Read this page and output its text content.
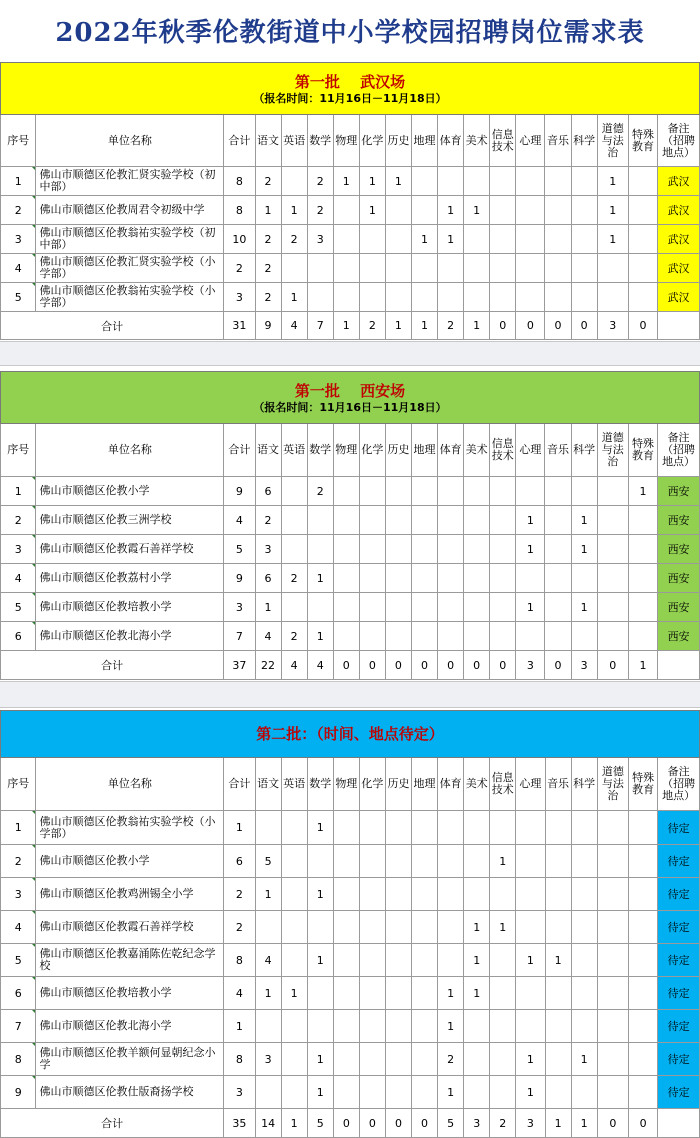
2022年秋季伦教街道中小学校园招聘岗位需求表
第一批　 武汉场
（报名时间：11月16日－11月18日）																		

序号	单位名称	合计	语文	英语	数学	物理	化学	历史	地理	体育	美术	信息技术	心理	音乐	科学	道德与法治	特殊教育	备注（招聘地点）
1	佛山市顺德区伦教汇贤实验学校（初中部）	8	2		2	1	1	1								1		武汉
2	佛山市顺德区伦教周君令初级中学	8	1	1	2		1			1	1					1		武汉
3	佛山市顺德区伦教翁祐实验学校（初中部）	10	2	2	3				1	1						1		武汉
4	佛山市顺德区伦教汇贤实验学校（小学部）	2	2															武汉
5	佛山市顺德区伦教翁祐实验学校（小学部）	3	2	1														武汉
合计		31	9	4	7	1	2	1	1	2	1	0	0	0	0	3	0	
第一批　 西安场
（报名时间：11月16日－11月18日）																		

序号	单位名称	合计	语文	英语	数学	物理	化学	历史	地理	体育	美术	信息技术	心理	音乐	科学	道德与法治	特殊教育	备注（招聘地点）
1	佛山市顺德区伦教小学	9	6		2												1	西安
2	佛山市顺德区伦教三洲学校	4	2										1		1			西安
3	佛山市顺德区伦教霞石善祥学校	5	3										1		1			西安
4	佛山市顺德区伦教荔村小学	9	6	2	1													西安
5	佛山市顺德区伦教培教小学	3	1										1		1			西安
6	佛山市顺德区伦教北海小学	7	4	2	1													西安
合计		37	22	4	4	0	0	0	0	0	0	0	3	0	3	0	1	
第二批：（时间、地点待定）																		

序号	单位名称	合计	语文	英语	数学	物理	化学	历史	地理	体育	美术	信息技术	心理	音乐	科学	道德与法治	特殊教育	备注（招聘地点）
1	佛山市顺德区伦教翁祐实验学校（小学部）	1			1													待定
2	佛山市顺德区伦教小学	6	5									1						待定
3	佛山市顺德区伦教鸡洲锡全小学	2	1		1													待定
4	佛山市顺德区伦教霞石善祥学校	2									1	1						待定
5	佛山市顺德区伦教嘉涌陈佐乾纪念学校	8	4		1						1		1	1				待定
6	佛山市顺德区伦教培教小学	4	1	1						1	1							待定
7	佛山市顺德区伦教北海小学	1								1								待定
8	佛山市顺德区伦教羊额何显朝纪念小学	8	3		1					2			1		1			待定
9	佛山市顺德区伦教仕版裔扬学校	3			1					1			1					待定
合计		35	14	1	5	0	0	0	0	5	3	2	3	1	1	0	0	
